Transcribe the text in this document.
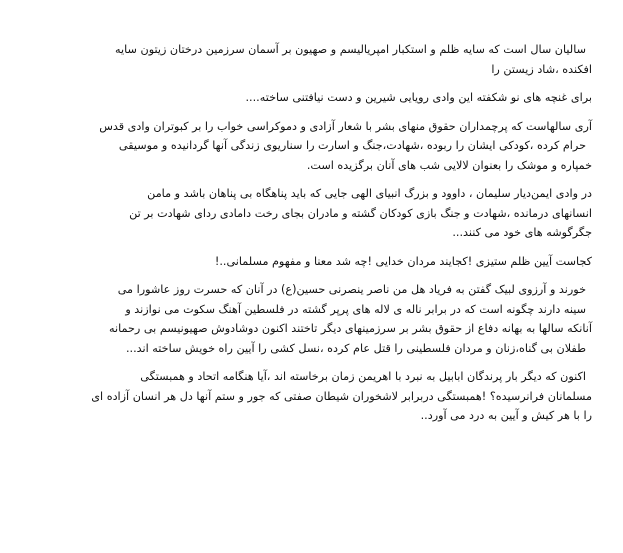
سالیان سال است که سایه ظلم و استکبار امپریالیسم و صهیون بر آسمان سرزمین درختان زیتون سایه
افکنده ،شاد زیستن را

برای غنچه های نو شکفته این وادی رویایی شیرین و دست نیافتنی ساخته....

آری سالهاست که پرچمداران حقوق منهای بشر با شعار آزادی و دموکراسی خواب را بر کبوتران وادی قدس
حرام کرده ،کودکی ایشان را ربوده ،شهادت،جنگ و اسارت را سناریوی زندگی آنها گردانیده و موسیقی
خمپاره و موشک را بعنوان لالایی شب های آنان برگزیده است.

در وادی ایمن‌دیار سلیمان ، داوود و بزرگ انبیای الهی جایی که باید پناهگاه بی پناهان باشد و مامن
انسانهای درمانده ،شهادت و جنگ بازی کودکان گشته و مادران بجای رخت دامادی ردای شهادت بر تن
جگرگوشه های خود می کنند...

کجاست آیین ظلم ستیزی !کجایند مردان خدایی !چه شد معنا و مفهوم مسلمانی..!

خورند و آرزوی لبیک گفتن به فریاد هل من ناصر ینصرنی حسین(ع) در آنان که حسرت روز عاشورا می
سینه دارند چگونه است که در برابر ناله ی لاله های پرپر گشته در فلسطین آهنگ سکوت می نوازند و
آنانکه سالها به بهانه دفاع از حقوق بشر بر سرزمینهای دیگر تاختند اکنون دوشادوش صهیونیسم بی رحمانه
طفلان بی گناه،زنان و مردان فلسطینی را قتل عام کرده ،نسل کشی را آیین راه خویش ساخته اند...

اکنون که دیگر بار پرندگان ابابیل به نبرد با اهریمن زمان برخاسته اند ،آیا هنگامه اتحاد و همبستگی
مسلمانان فرانرسیده؟ !همبستگی دربرابر لاشخوران شیطان صفتی که جور و ستم آنها دل هر انسان آزاده ای
را با هر کیش و آیین به درد می آورد..
